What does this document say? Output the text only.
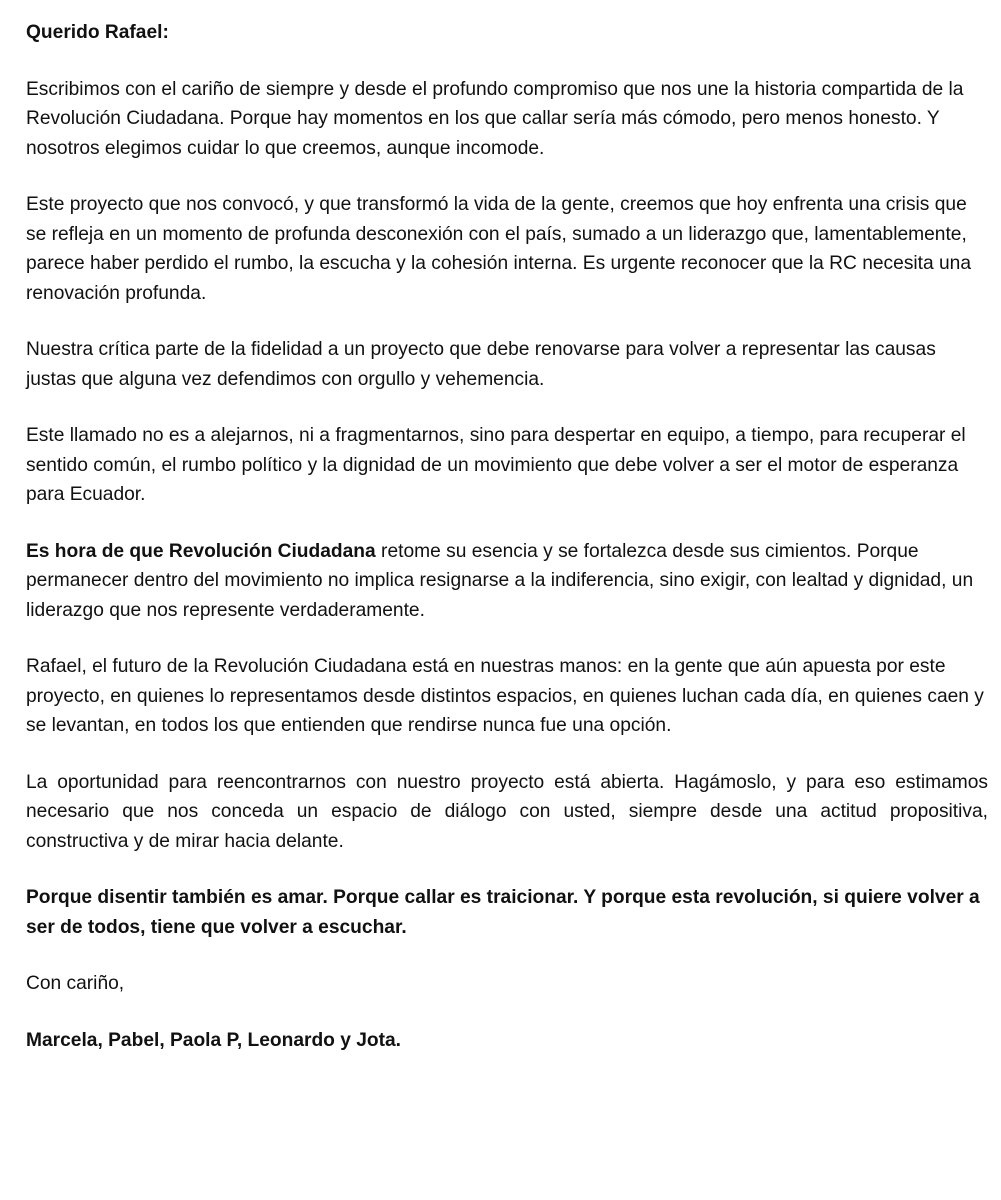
Querido Rafael:

Escribimos con el cariño de siempre y desde el profundo compromiso que nos une la historia compartida de la Revolución Ciudadana. Porque hay momentos en los que callar sería más cómodo, pero menos honesto. Y nosotros elegimos cuidar lo que creemos, aunque incomode.

Este proyecto que nos convocó, y que transformó la vida de la gente, creemos que hoy enfrenta una crisis que se refleja en un momento de profunda desconexión con el país, sumado a un liderazgo que, lamentablemente, parece haber perdido el rumbo, la escucha y la cohesión interna. Es urgente reconocer que la RC necesita una renovación profunda.

Nuestra crítica parte de la fidelidad a un proyecto que debe renovarse para volver a representar las causas justas que alguna vez defendimos con orgullo y vehemencia.

Este llamado no es a alejarnos, ni a fragmentarnos, sino para despertar en equipo, a tiempo, para recuperar el sentido común, el rumbo político y la dignidad de un movimiento que debe volver a ser el motor de esperanza para Ecuador.

Es hora de que Revolución Ciudadana retome su esencia y se fortalezca desde sus cimientos. Porque permanecer dentro del movimiento no implica resignarse a la indiferencia, sino exigir, con lealtad y dignidad, un liderazgo que nos represente verdaderamente.

Rafael, el futuro de la Revolución Ciudadana está en nuestras manos: en la gente que aún apuesta por este proyecto, en quienes lo representamos desde distintos espacios, en quienes luchan cada día, en quienes caen y se levantan, en todos los que entienden que rendirse nunca fue una opción.

La oportunidad para reencontrarnos con nuestro proyecto está abierta. Hagámoslo, y para eso estimamos necesario que nos conceda un espacio de diálogo con usted, siempre desde una actitud propositiva, constructiva y de mirar hacia delante.

Porque disentir también es amar. Porque callar es traicionar. Y porque esta revolución, si quiere volver a ser de todos, tiene que volver a escuchar.

Con cariño,

Marcela, Pabel, Paola P, Leonardo y Jota.
